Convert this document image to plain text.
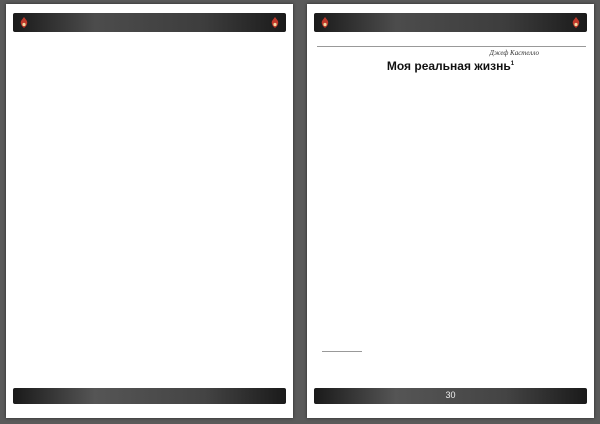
Джеф Кастелло
Моя реальная жизнь$^1$

30
